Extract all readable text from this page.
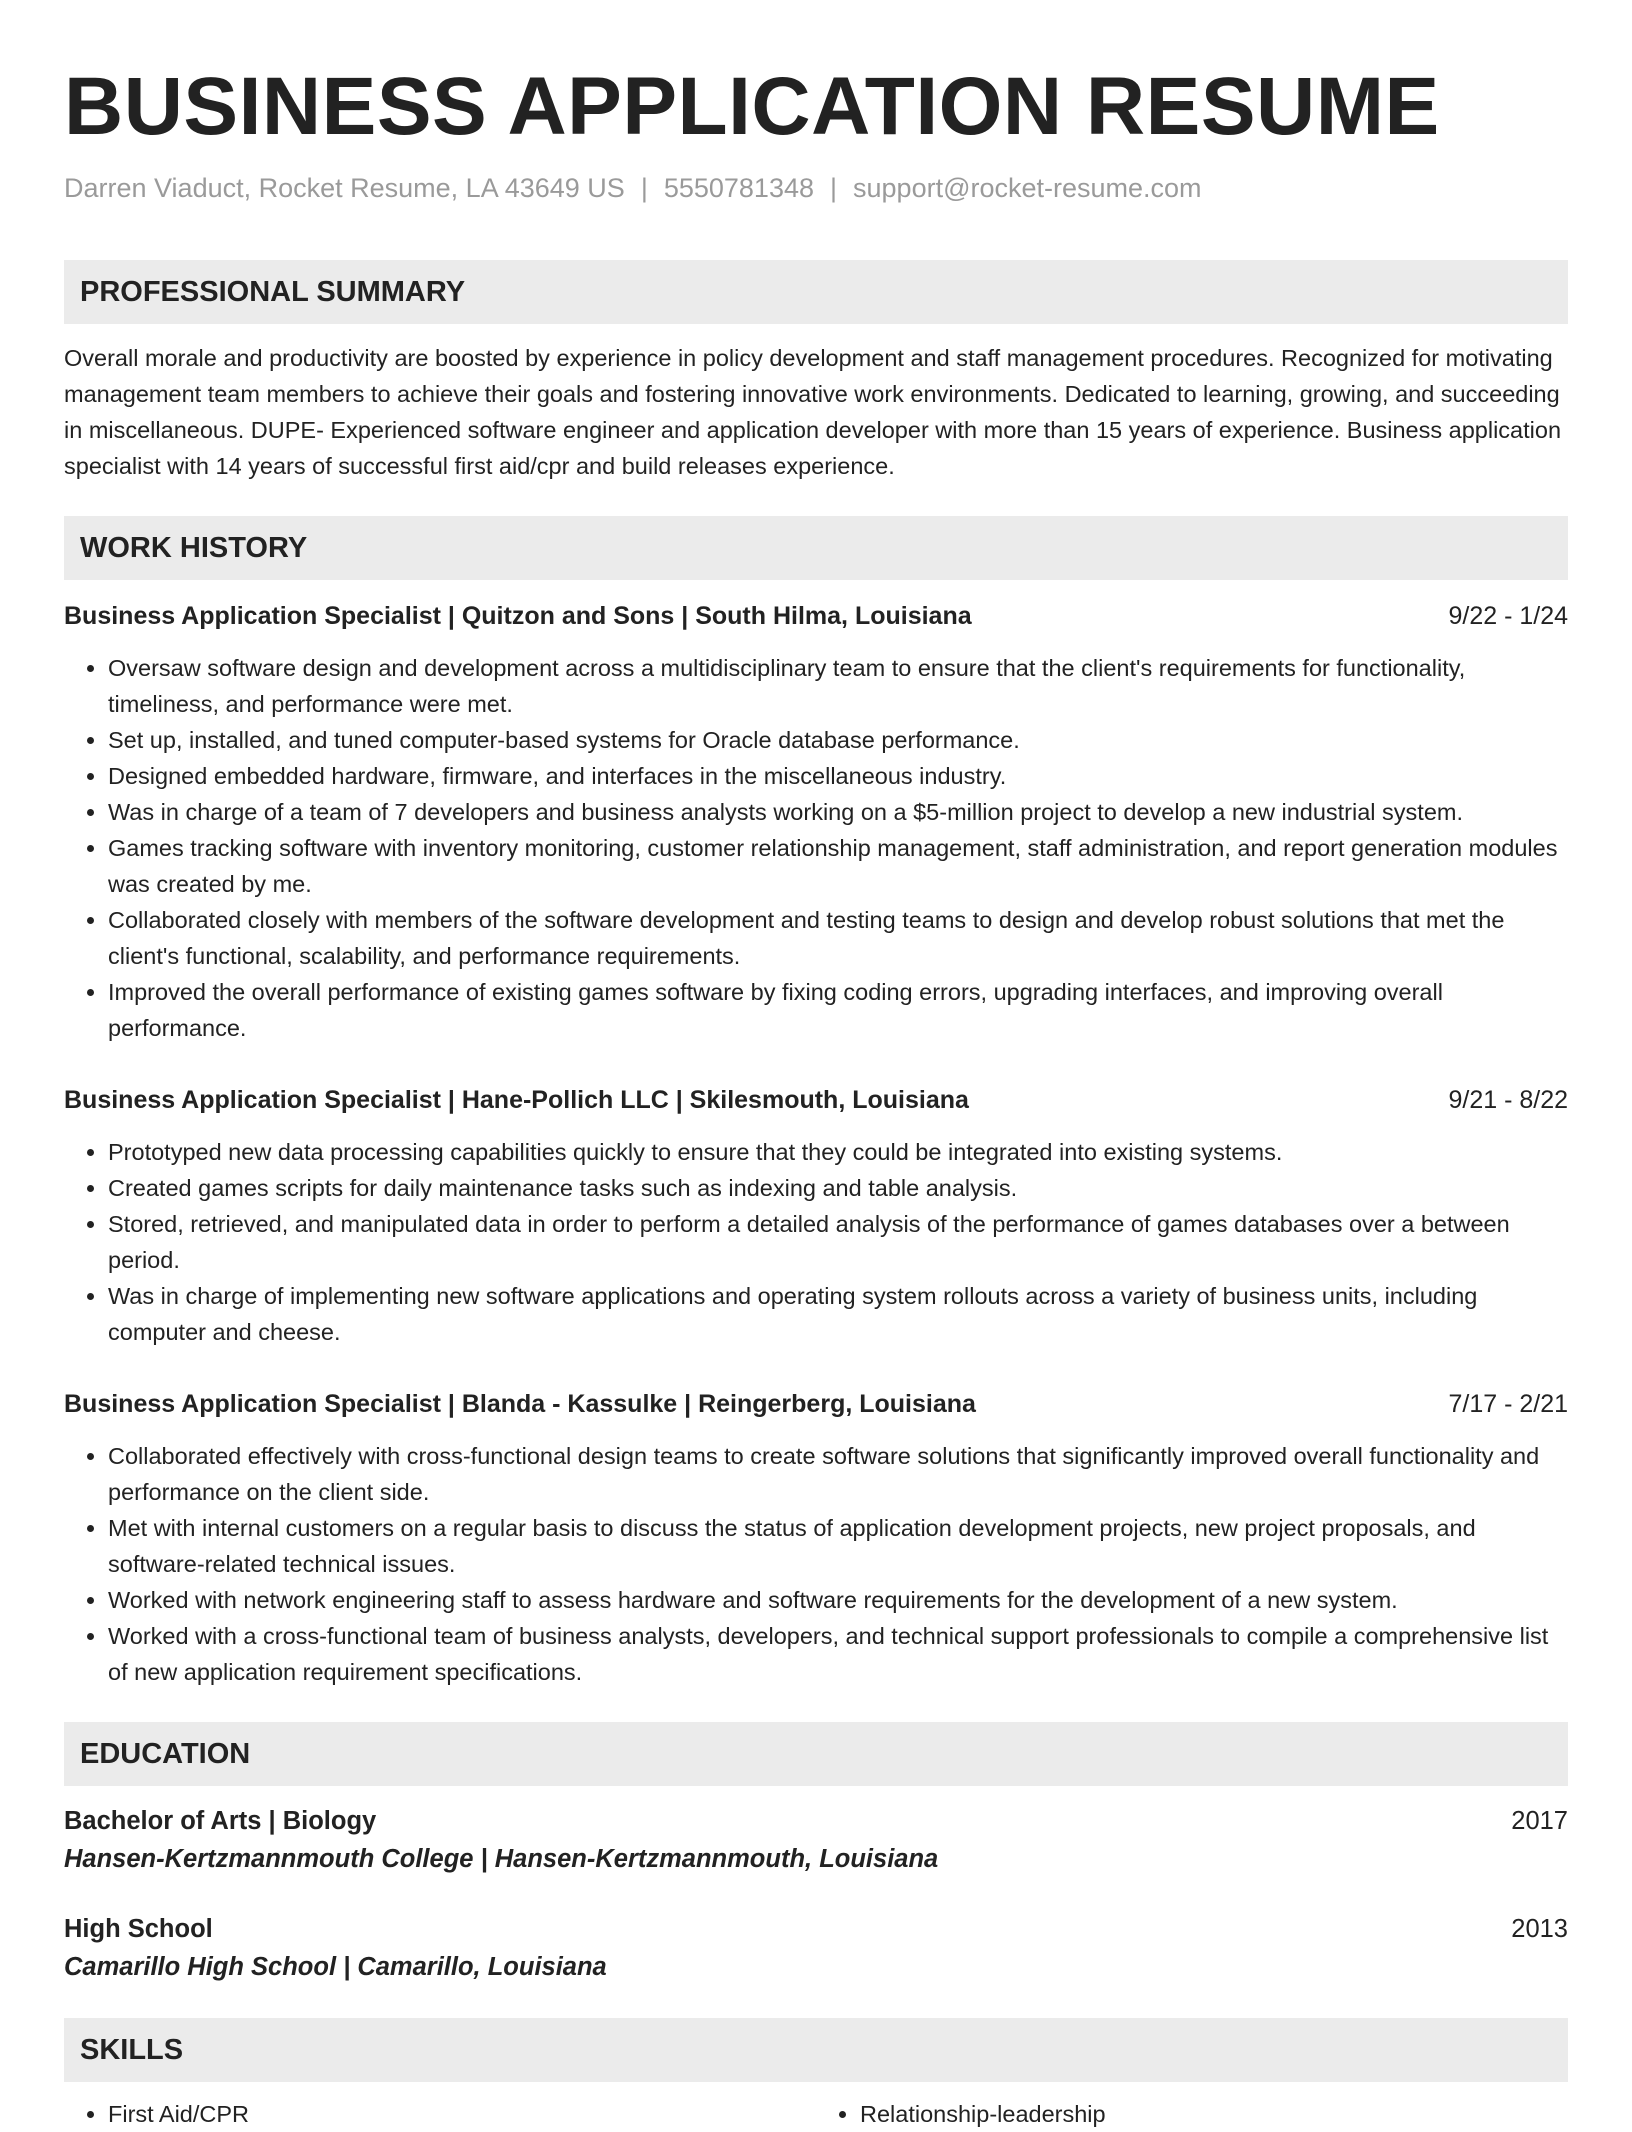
BUSINESS APPLICATION RESUME
Darren Viaduct, Rocket Resume, LA 43649 US | 5550781348 | support@rocket-resume.com
PROFESSIONAL SUMMARY

Overall morale and productivity are boosted by experience in policy development and staff management procedures. Recognized for motivating management team members to achieve their goals and fostering innovative work environments. Dedicated to learning, growing, and succeeding in miscellaneous. DUPE- Experienced software engineer and application developer with more than 15 years of experience. Business application specialist with 14 years of successful first aid/cpr and build releases experience.

WORK HISTORY
Business Application Specialist | Quitzon and Sons | South Hilma, Louisiana	9/22 - 1/24
• Oversaw software design and development across a multidisciplinary team to ensure that the client's requirements for functionality, timeliness, and performance were met.
• Set up, installed, and tuned computer-based systems for Oracle database performance.
• Designed embedded hardware, firmware, and interfaces in the miscellaneous industry.
• Was in charge of a team of 7 developers and business analysts working on a $5-million project to develop a new industrial system.
• Games tracking software with inventory monitoring, customer relationship management, staff administration, and report generation modules was created by me.
• Collaborated closely with members of the software development and testing teams to design and develop robust solutions that met the client's functional, scalability, and performance requirements.
• Improved the overall performance of existing games software by fixing coding errors, upgrading interfaces, and improving overall performance.
Business Application Specialist | Hane-Pollich LLC | Skilesmouth, Louisiana	9/21 - 8/22
• Prototyped new data processing capabilities quickly to ensure that they could be integrated into existing systems.
• Created games scripts for daily maintenance tasks such as indexing and table analysis.
• Stored, retrieved, and manipulated data in order to perform a detailed analysis of the performance of games databases over a between period.
• Was in charge of implementing new software applications and operating system rollouts across a variety of business units, including computer and cheese.
Business Application Specialist | Blanda - Kassulke | Reingerberg, Louisiana	7/17 - 2/21
• Collaborated effectively with cross-functional design teams to create software solutions that significantly improved overall functionality and performance on the client side.
• Met with internal customers on a regular basis to discuss the status of application development projects, new project proposals, and software-related technical issues.
• Worked with network engineering staff to assess hardware and software requirements for the development of a new system.
• Worked with a cross-functional team of business analysts, developers, and technical support professionals to compile a comprehensive list of new application requirement specifications.
EDUCATION
Bachelor of Arts | Biology	2017
Hansen-Kertzmannmouth College | Hansen-Kertzmannmouth, Louisiana
High School	2013
Camarillo High School | Camarillo, Louisiana
SKILLS
• First Aid/CPR
•	Relationship-leadership
